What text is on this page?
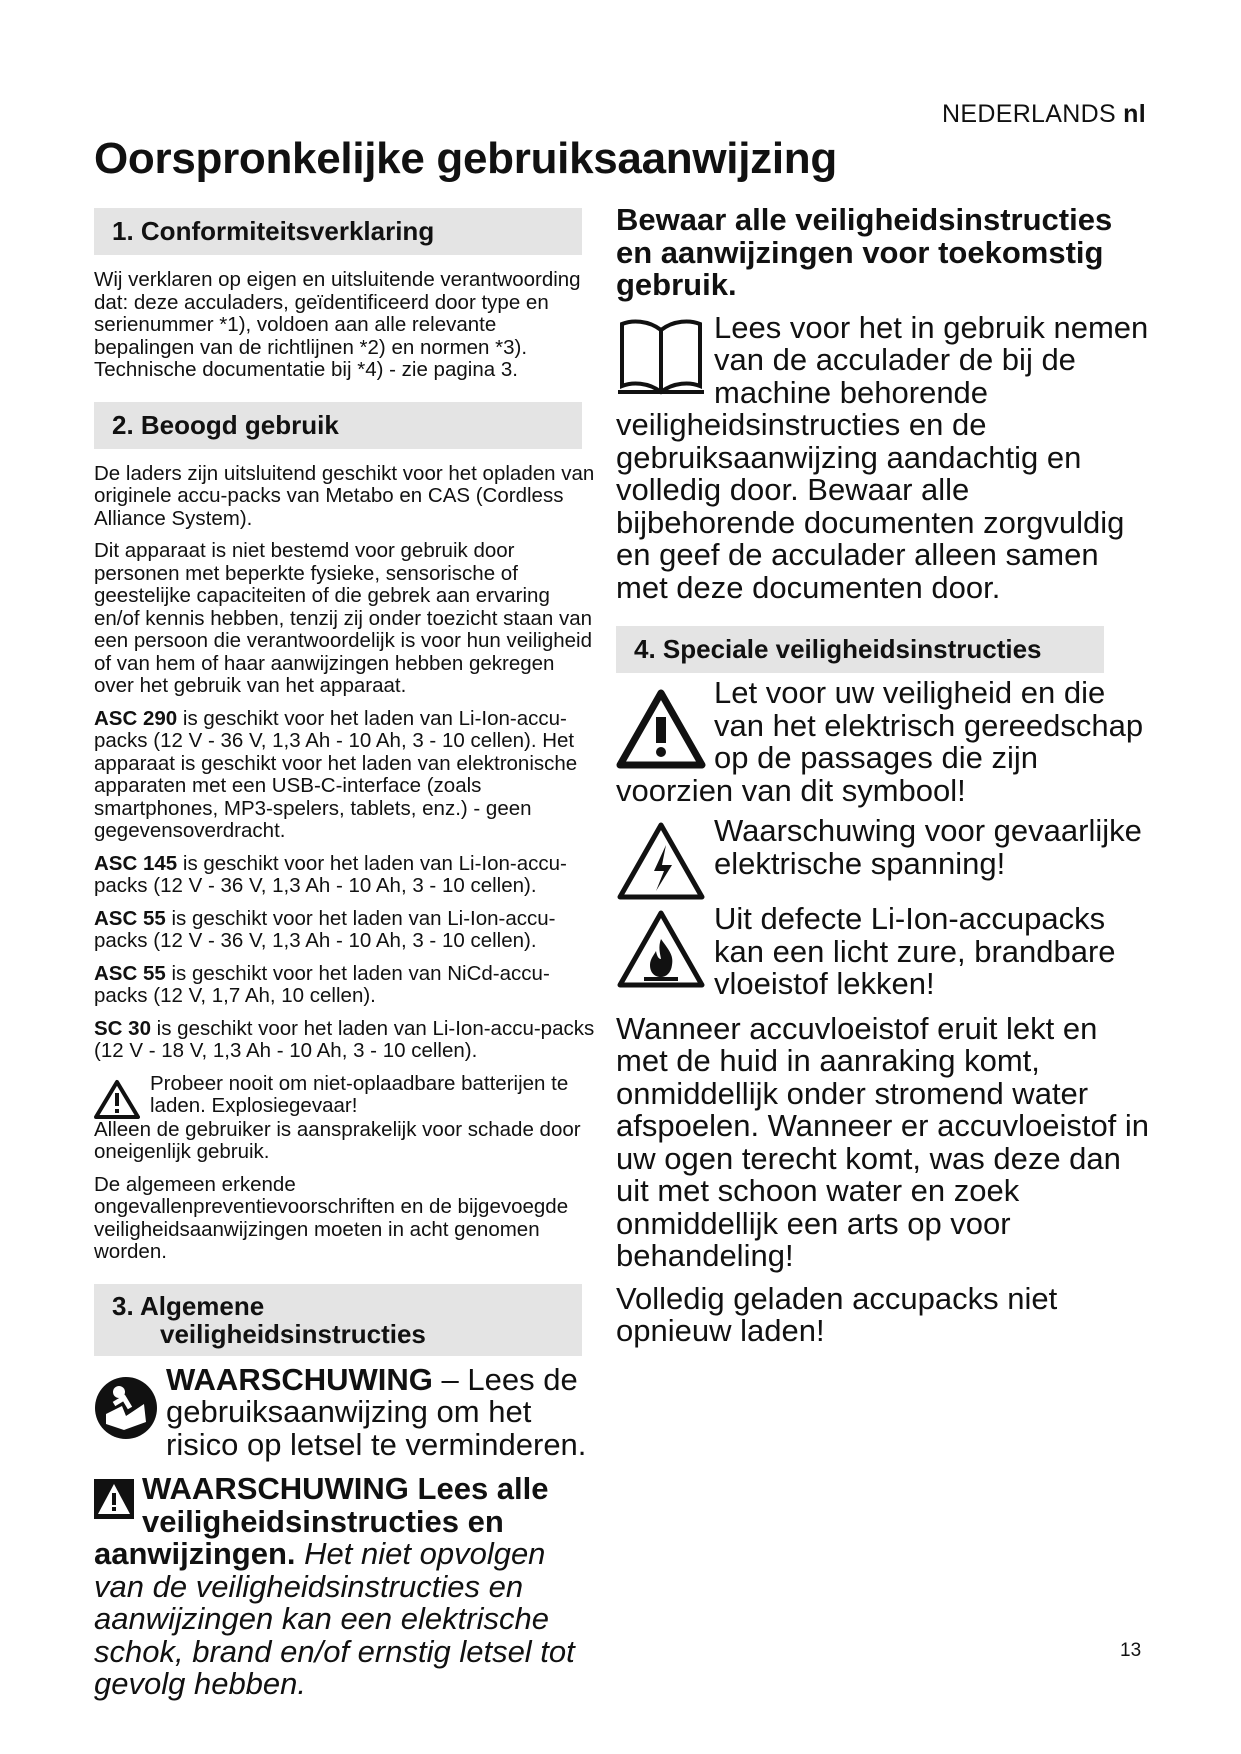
NEDERLANDS nl
Oorspronkelijke gebruiksaanwijzing
1. Conformiteitsverklaring

Wij verklaren op eigen en uitsluitende verantwoording dat: deze acculaders, geïdentificeerd door type en serienummer *1), voldoen aan alle relevante bepalingen van de richtlijnen *2) en normen *3). Technische documentatie bij *4) - zie pagina 3.

2. Beoogd gebruik

De laders zijn uitsluitend geschikt voor het opladen van originele accu-packs van Metabo en CAS (Cordless Alliance System).

Dit apparaat is niet bestemd voor gebruik door personen met beperkte fysieke, sensorische of geestelijke capaciteiten of die gebrek aan ervaring en/of kennis hebben, tenzij zij onder toezicht staan van een persoon die verantwoordelijk is voor hun veiligheid of van hem of haar aanwijzingen hebben gekregen over het gebruik van het apparaat.

ASC 290 is geschikt voor het laden van Li-Ion-accu-packs (12 V - 36 V, 1,3 Ah - 10 Ah, 3 - 10 cellen). Het apparaat is geschikt voor het laden van elektronische apparaten met een USB-C-interface (zoals smartphones, MP3-spelers, tablets, enz.) - geen gegevensoverdracht.

ASC 145 is geschikt voor het laden van Li-Ion-accu-packs (12 V - 36 V, 1,3 Ah - 10 Ah, 3 - 10 cellen).

ASC 55 is geschikt voor het laden van Li-Ion-accu-packs (12 V - 36 V, 1,3 Ah - 10 Ah, 3 - 10 cellen).

ASC 55 is geschikt voor het laden van NiCd-accu-packs (12 V, 1,7 Ah, 10 cellen).

SC 30 is geschikt voor het laden van Li-Ion-accu-packs (12 V - 18 V, 1,3 Ah - 10 Ah, 3 - 10 cellen).

Probeer nooit om niet-oplaadbare batterijen te laden. Explosiegevaar!

Alleen de gebruiker is aansprakelijk voor schade door oneigenlijk gebruik.

De algemeen erkende ongevallenpreventievoorschriften en de bijgevoegde veiligheidsaanwijzingen moeten in acht genomen worden.

3. Algemene
veiligheidsinstructies

WAARSCHUWING – Lees de gebruiksaanwijzing om het risico op letsel te verminderen.

WAARSCHUWING Lees alle veiligheidsinstructies en aanwijzingen. Het niet opvolgen van de veiligheidsinstructies en aanwijzingen kan een elektrische schok, brand en/of ernstig letsel tot gevolg hebben.

Bewaar alle veiligheidsinstructies en aanwijzingen voor toekomstig gebruik.

Lees voor het in gebruik nemen van de acculader de bij de machine behorende veiligheidsinstructies en de gebruiksaanwijzing aandachtig en volledig door. Bewaar alle bijbehorende documenten zorgvuldig en geef de acculader alleen samen met deze documenten door.

4. Speciale veiligheidsinstructies

Let voor uw veiligheid en die van het elektrisch gereedschap op de passages die zijn voorzien van dit symbool!

Waarschuwing voor gevaarlijke elektrische spanning!

Uit defecte Li-Ion-accupacks kan een licht zure, brandbare vloeistof lekken!

Wanneer accuvloeistof eruit lekt en met de huid in aanraking komt, onmiddellijk onder stromend water afspoelen. Wanneer er accuvloeistof in uw ogen terecht komt, was deze dan uit met schoon water en zoek onmiddellijk een arts op voor behandeling!

Volledig geladen accupacks niet opnieuw laden!

13
